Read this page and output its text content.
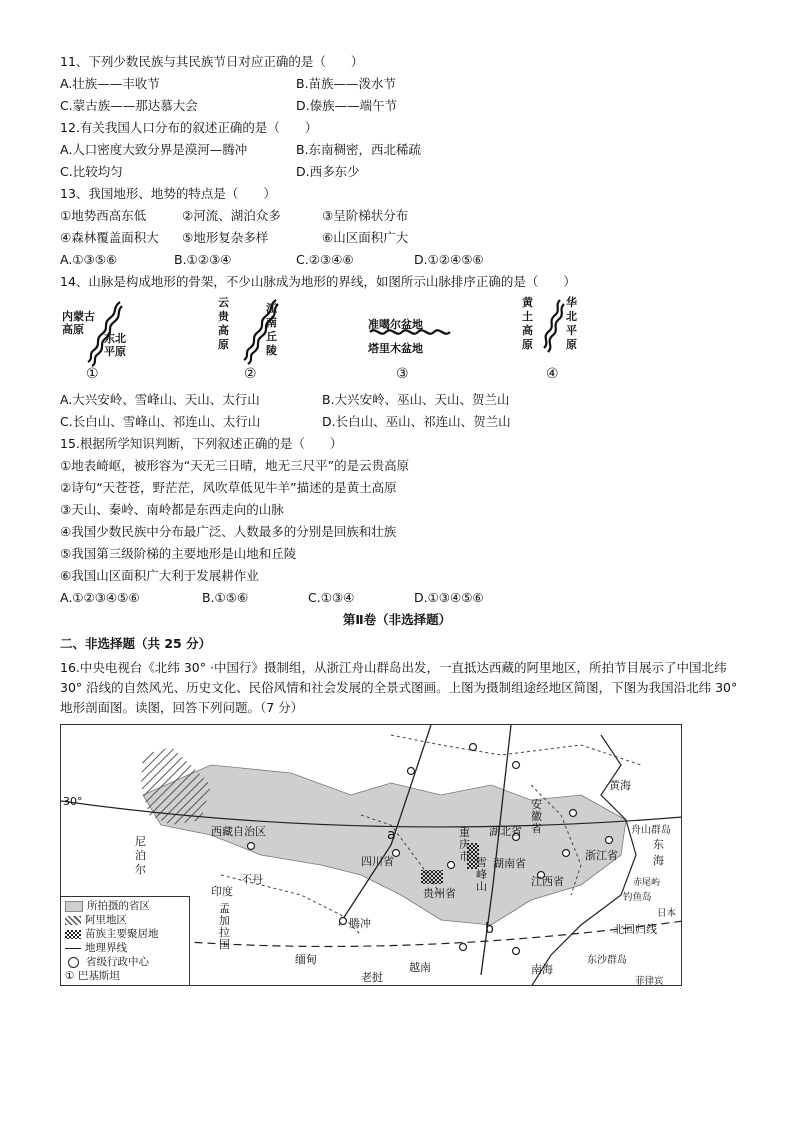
11、下列少数民族与其民族节日对应正确的是（　　）
A.壮族——丰收节	B.苗族——泼水节
C.蒙古族——那达慕大会	D.傣族——端午节
12.有关我国人口分布的叙述正确的是（　　）
A.人口密度大致分界是漠河—腾冲	B.东南稠密，西北稀疏
C.比较均匀	D.西多东少
13、我国地形、地势的特点是（　　）
①地势西高东低	②河流、湖泊众多	③呈阶梯状分布
④森林覆盖面积大 ⑤地形复杂多样	⑥山区面积广大
A.①③⑤⑥	B.①②③④	C.②③④⑥	D.①②④⑤⑥
14、山脉是构成地形的骨架，不少山脉成为地形的界线，如图所示山脉排序正确的是（　　）
内蒙古高原
东北平原
①
云贵高原
江南丘陵
②
准噶尔盆地
塔里木盆地
③
黄土高原
华北平原
④
A.大兴安岭、雪峰山、天山、太行山	B.大兴安岭、巫山、天山、贺兰山
C.长白山、雪峰山、祁连山、太行山	D.长白山、巫山、祁连山、贺兰山
15.根据所学知识判断，下列叙述正确的是（　　）
①地表崎岖，被形容为“天无三日晴，地无三尺平”的是云贵高原
②诗句“天苍苍，野茫茫，风吹草低见牛羊”描述的是黄土高原
③天山、秦岭、南岭都是东西走向的山脉
④我国少数民族中分布最广泛、人数最多的分别是回族和壮族
⑤我国第三级阶梯的主要地形是山地和丘陵
⑥我国山区面积广大利于发展耕作业
A.①②③④⑤⑥	B.①⑤⑥	C.①③④	D.①③④⑤⑥
第Ⅱ卷（非选择题）
二、非选择题（共 25 分）
16.中央电视台《北纬 30° ·中国行》摄制组，从浙江舟山群岛出发，一直抵达西藏的阿里地区，所拍节目展示了中国北纬 30° 沿线的自然风光、历史文化、民俗风情和社会发展的全景式图画。上图为摄制组途经地区简图，下图为我国沿北纬 30° 地形剖面图。读图，回答下列问题。（7 分）
30°
西藏自治区
四川省
重庆市
贵州省
湖北省
湖南省
江西省
安徽省
浙江省
雪峰山
腾冲
尼泊尔
印度
不丹
孟加拉国
缅甸
老挝
越南
黄海
东海
南海
舟山群岛
钓鱼岛
赤尾屿
北回归线
东沙群岛
日本
菲律宾
a
b
所拍摄的省区
阿里地区
苗族主要聚居地
地理界线
省级行政中心
① 巴基斯坦
